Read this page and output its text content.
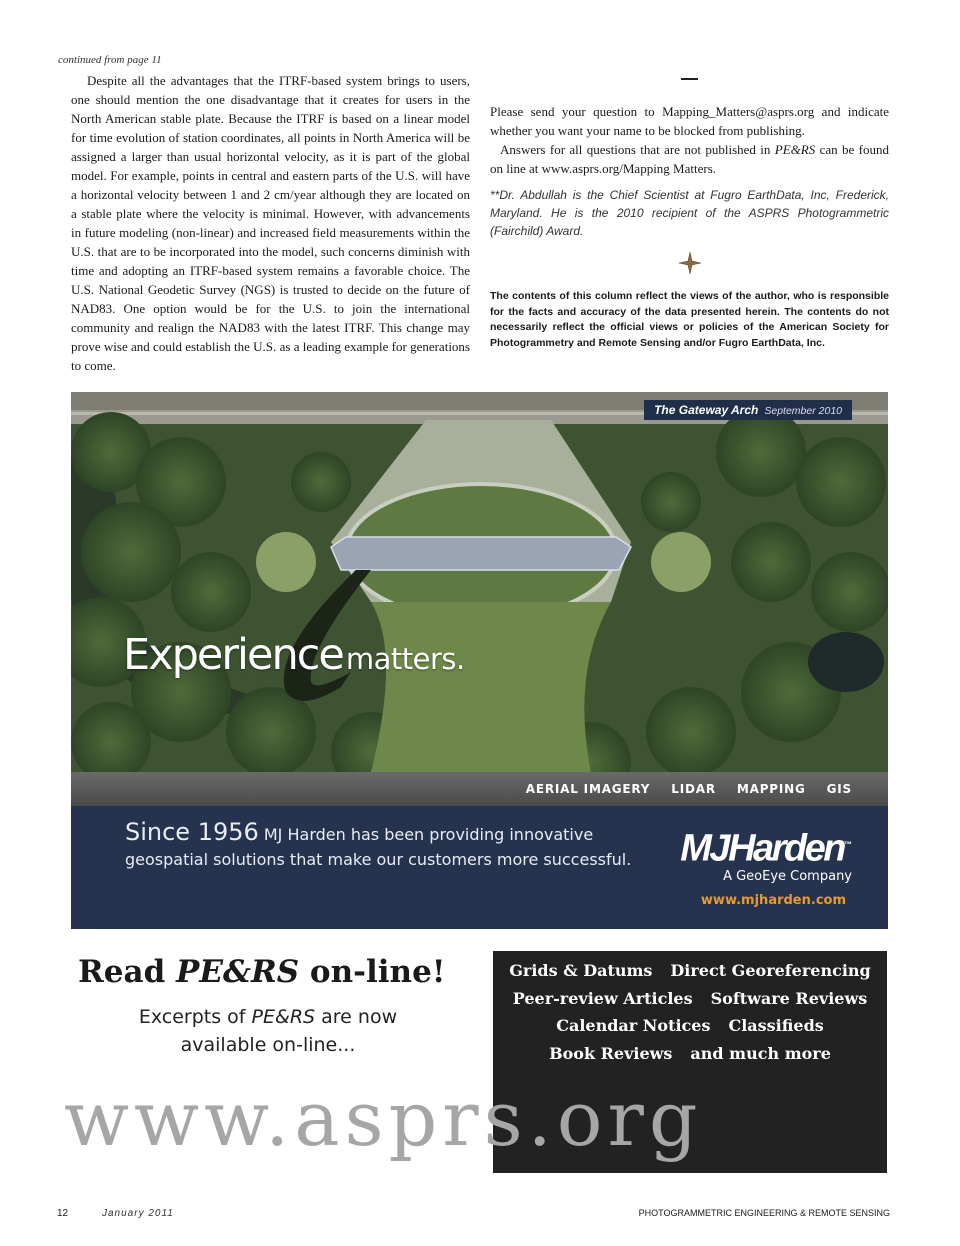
continued from page 11

Despite all the advantages that the ITRF-based system brings to users, one should mention the one disadvantage that it creates for users in the North American stable plate. Because the ITRF is based on a linear model for time evolution of station coordinates, all points in North America will be assigned a larger than usual horizontal velocity, as it is part of the global model. For example, points in central and eastern parts of the U.S. will have a horizontal velocity between 1 and 2 cm/year although they are located on a stable plate where the velocity is minimal. However, with advancements in future modeling (non-linear) and increased field measurements within the U.S. that are to be incorporated into the model, such concerns diminish with time and adopting an ITRF-based system remains a favorable choice. The U.S. National Geodetic Survey (NGS) is trusted to decide on the future of NAD83. One option would be for the U.S. to join the international community and realign the NAD83 with the latest ITRF. This change may prove wise and could establish the U.S. as a leading example for generations to come.

Please send your question to Mapping_Matters@asprs.org and indicate whether you want your name to be blocked from publishing.

Answers for all questions that are not published in PE&RS can be found on line at www.asprs.org/Mapping Matters.

**Dr. Abdullah is the Chief Scientist at Fugro EarthData, Inc, Frederick, Maryland. He is the 2010 recipient of the ASPRS Photogrammetric (Fairchild) Award.

The contents of this column reflect the views of the author, who is responsible for the facts and accuracy of the data presented herein. The contents do not necessarily reflect the official views or policies of the American Society for Photogrammetry and Remote Sensing and/or Fugro EarthData, Inc.
The Gateway Arch September 2010
Experience matters.
AERIAL IMAGERY LIDAR MAPPING GIS
Since 1956 MJ Harden has been providing innovative
geospatial solutions that make our customers more successful. MJHarden™
A GeoEye Company
www.mjharden.com
Read PE&RS on-line!
Excerpts of PE&RS are now available on-line...
Grids & Datums Direct Georeferencing
Peer-review Articles Software Reviews
Calendar Notices Classifieds
Book Reviews and much more
www.asprs.org
12	January 2011	PHOTOGRAMMETRIC ENGINEERING & REMOTE SENSING
